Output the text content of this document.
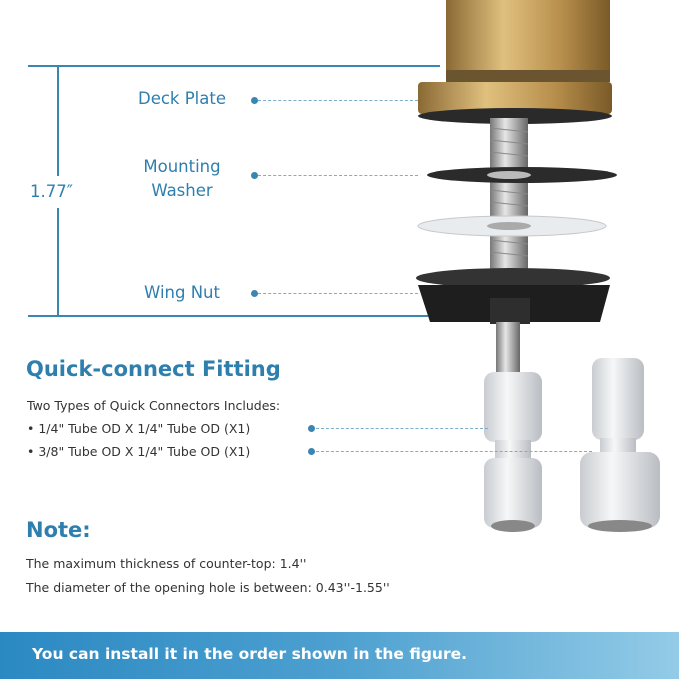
1.77″
Deck Plate
Mounting
Washer
Wing Nut
Quick-connect Fitting
Two Types of Quick Connectors Includes:
• 1/4" Tube OD X 1/4" Tube OD (X1)
• 3/8" Tube OD X 1/4" Tube OD (X1)
Note:
The maximum thickness of counter-top: 1.4''
The diameter of the opening hole is between: 0.43''-1.55''
You can install it in the order shown in the figure.
